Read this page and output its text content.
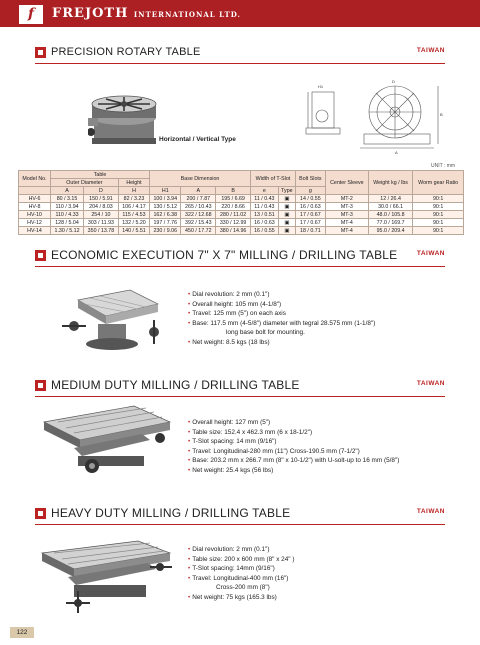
f	FREJOTH INTERNATIONAL LTD.
PRECISION ROTARY TABLE	TAIWAN
H1
D
A
B
Horizontal / Vertical Type
UNIT : mm
Model No.	Table			Base Dimension			Width of T-Slot		Bolt Slots	Center Sleeve	Weight kg / lbs	Worm gear Ratio
	Outer Diameter		Height									
	A	D	H	H1	A	B	e	Type	g			
HV-6	80 / 3.15	150 / 5.91	82 / 3.23	100 / 3.94	200 / 7.87	195 / 6.69	11 / 0.43	▣	14 / 0.55	MT-2	12 / 26.4	90:1
HV-8	110 / 3.94	204 / 8.03	106 / 4.17	130 / 5.12	265 / 10.43	220 / 8.66	11 / 0.43	▣	16 / 0.63	MT-3	30.0 / 66.1	90:1
HV-10	110 / 4.33	254 / 10	115 / 4.53	162 / 6.38	322 / 12.68	280 / 11.02	13 / 0.51	▣	17 / 0.67	MT-3	48.0 / 105.8	90:1
HV-12	128 / 5.04	303 / 11.93	132 / 5.20	197 / 7.76	392 / 15.43	330 / 12.99	16 / 0.63	▣	17 / 0.67	MT-4	77.0 / 169.7	90:1
HV-14	1.30 / 5.12	350 / 13.78	140 / 5.51	230 / 9.06	450 / 17.72	380 / 14.96	16 / 0.55	▣	18 / 0.71	MT-4	95.0 / 209.4	90:1
ECONOMIC EXECUTION 7" X 7" MILLING / DRILLING TABLE	TAIWAN
• Dial revolution: 2 mm (0.1")
• Overall height: 105 mm (4-1/8")
• Travel: 125 mm (5") on each axis
• Base: 117.5 mm (4-5/8") diameter with tegral 28.575 mm (1-1/8")
long base bolt for mounting.
• Net weight: 8.5 kgs (18 lbs)
MEDIUM DUTY MILLING / DRILLING TABLE	TAIWAN
• Overall height: 127 mm (5")
• Table size: 152.4 x 462.3 mm (6 x 18-1/2")
• T-Slot spacing: 14 mm (9/16")
• Travel: Longitudinal-280 mm (11") Cross-190.5 mm (7-1/2")
• Base: 203.2 mm x 266.7 mm (8" x 10-1/2") with U-solt-up to 16 mm (5/8")
• Net weight: 25.4 kgs (56 lbs)
HEAVY DUTY MILLING / DRILLING TABLE	TAIWAN
• Dial revolution: 2 mm (0.1")
• Table size: 200 x 600 mm (8" x 24" )
• T-Slot spacing: 14mm (9/16")
• Travel: Longitudinal-400 mm (16")
Cross-200 mm (8")
• Net weight: 75 kgs (165.3 lbs)
122
